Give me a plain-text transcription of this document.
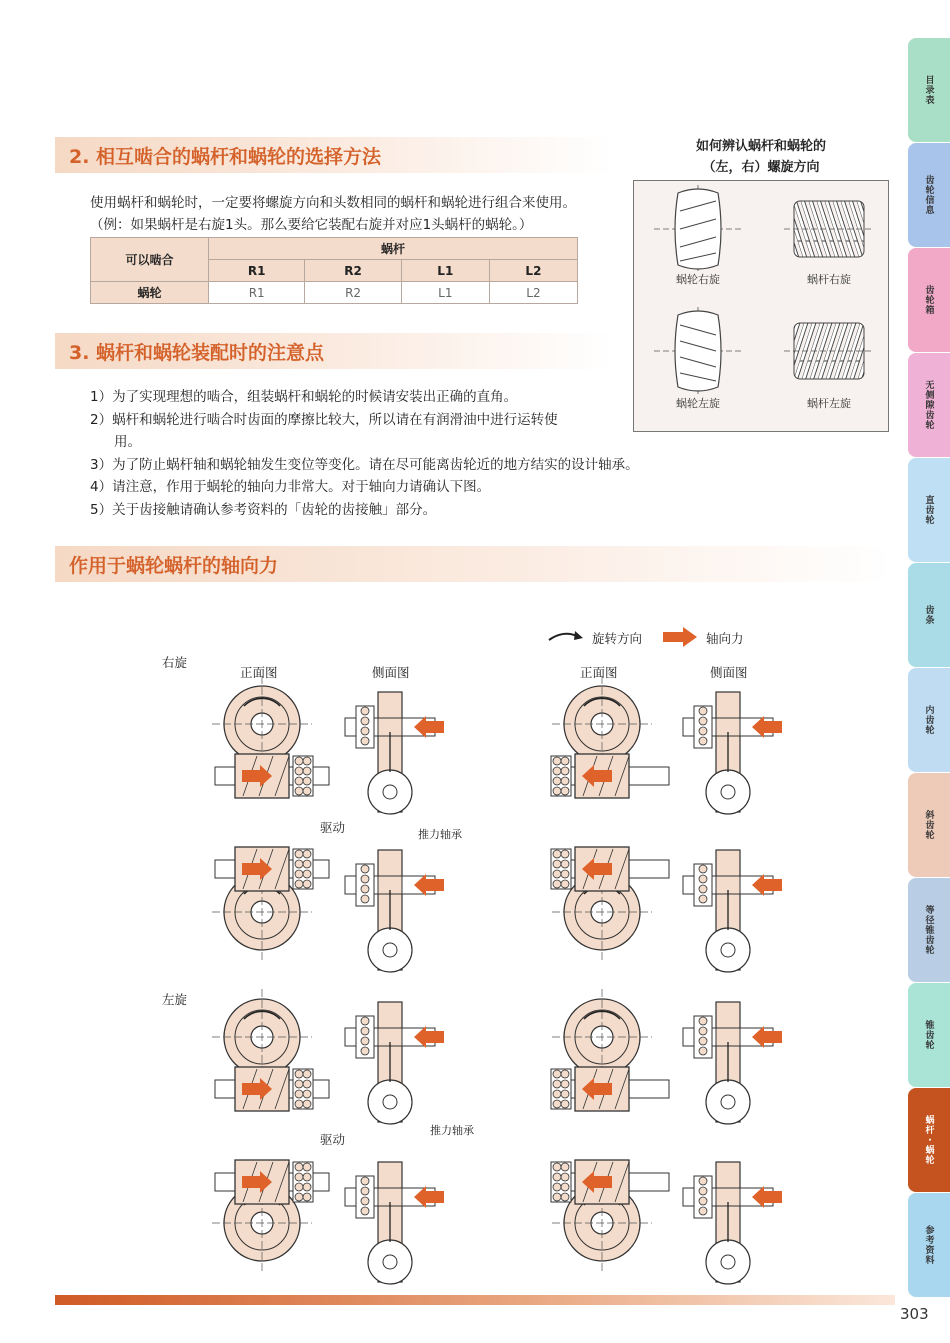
目录表
齿轮信息
齿轮箱
无侧隙齿轮
直齿轮
齿条
内齿轮
斜齿轮
等径锥齿轮
锥齿轮
蜗杆・蜗轮
参考资料
2. 相互啮合的蜗杆和蜗轮的选择方法
使用蜗杆和蜗轮时，一定要将螺旋方向和头数相同的蜗杆和蜗轮进行组合来使用。
（例：如果蜗杆是右旋1头。那么要给它装配右旋并对应1头蜗杆的蜗轮。）
可以啮合	蜗杆			
	R1	R2	L1	L2
蜗轮	R1	R2	L1	L2
3. 蜗杆和蜗轮装配时的注意点
1）为了实现理想的啮合，组装蜗杆和蜗轮的时候请安装出正确的直角。
2）蜗杆和蜗轮进行啮合时齿面的摩擦比较大，所以请在有润滑油中进行运转使
用。
3）为了防止蜗杆轴和蜗轮轴发生变位等变化。请在尽可能离齿轮近的地方结实的设计轴承。
4）请注意，作用于蜗轮的轴向力非常大。对于轴向力请确认下图。
5）关于齿接触请确认参考资料的「齿轮的齿接触」部分。
如何辨认蜗杆和蜗轮的
（左，右）螺旋方向
蜗轮右旋	蜗杆右旋
蜗轮左旋	蜗杆左旋
作用于蜗轮蜗杆的轴向力
旋转方向	轴向力
右旋
左旋
正面图	侧面图	正面图	侧面图
驱动
驱动
推力轴承
推力轴承
303
